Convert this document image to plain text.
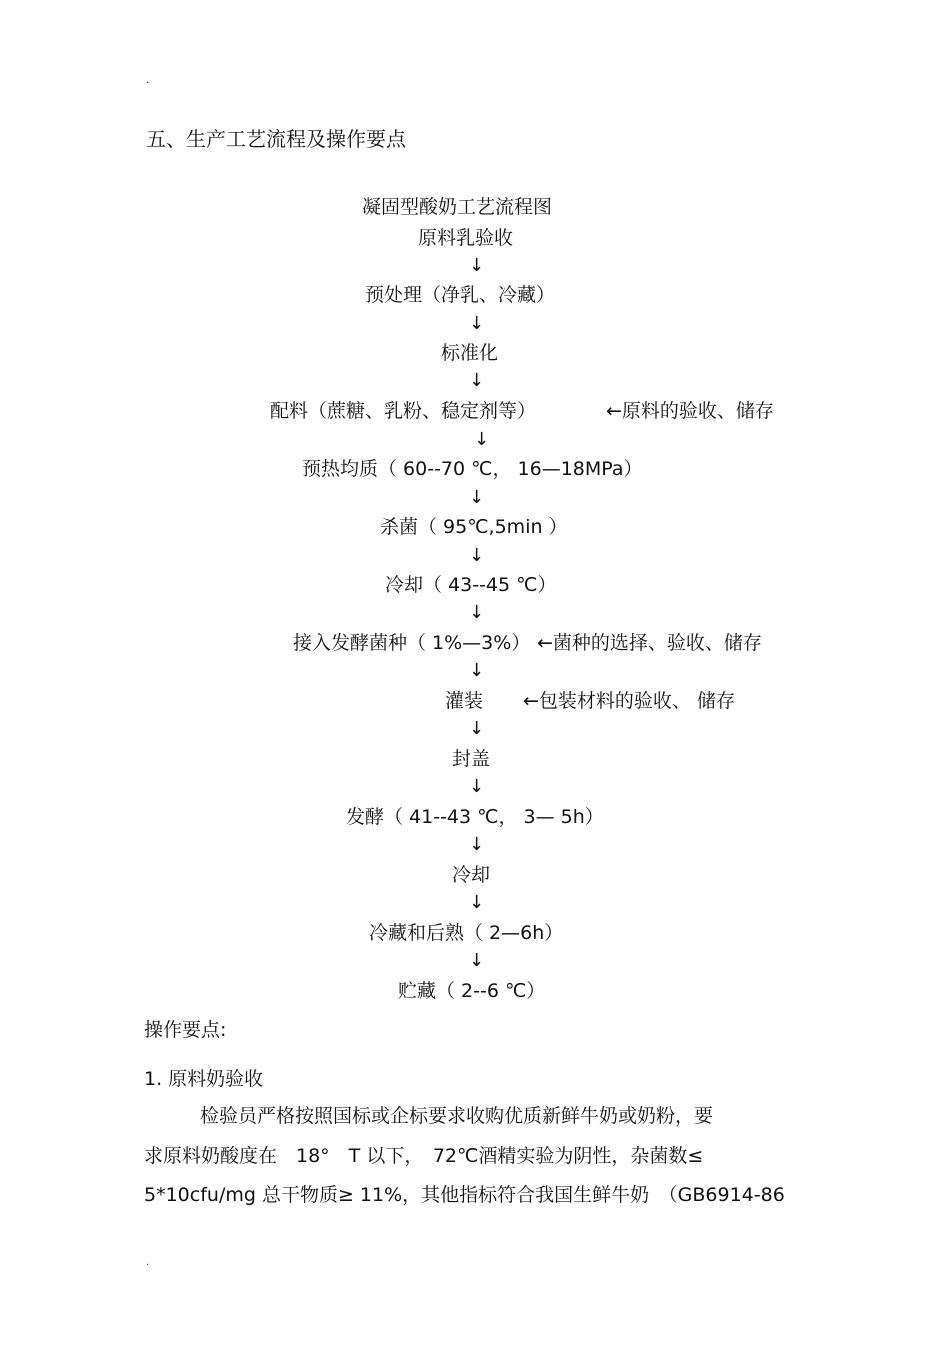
.
.
五、生产工艺流程及操作要点
凝固型酸奶工艺流程图
原料乳验收
↓
预处理（净乳、冷藏）
↓
标准化
↓
配料（蔗糖、乳粉、稳定剂等）	←原料的验收、储存
↓
预热均质（ 60--70 ℃， 16—18MPa）
↓
杀菌（ 95℃,5min ）
↓
冷却（ 43--45 ℃）
↓
接入发酵菌种（ 1%—3%） ←菌种的选择、验收、储存
↓
灌装 ←包装材料的验收、 储存
↓
封盖
↓
发酵（ 41--43 ℃， 3— 5h）
↓
冷却
↓
冷藏和后熟（ 2—6h）
↓
贮藏（ 2--6 ℃）
操作要点:
1. 原料奶验收
检验员严格按照国标或企标要求收购优质新鲜牛奶或奶粉，要
求原料奶酸度在　18°　T 以下，　72℃酒精实验为阴性，杂菌数≤
5*10cfu/mg 总干物质≥ 11%，其他指标符合我国生鲜牛奶　（GB6914-86
